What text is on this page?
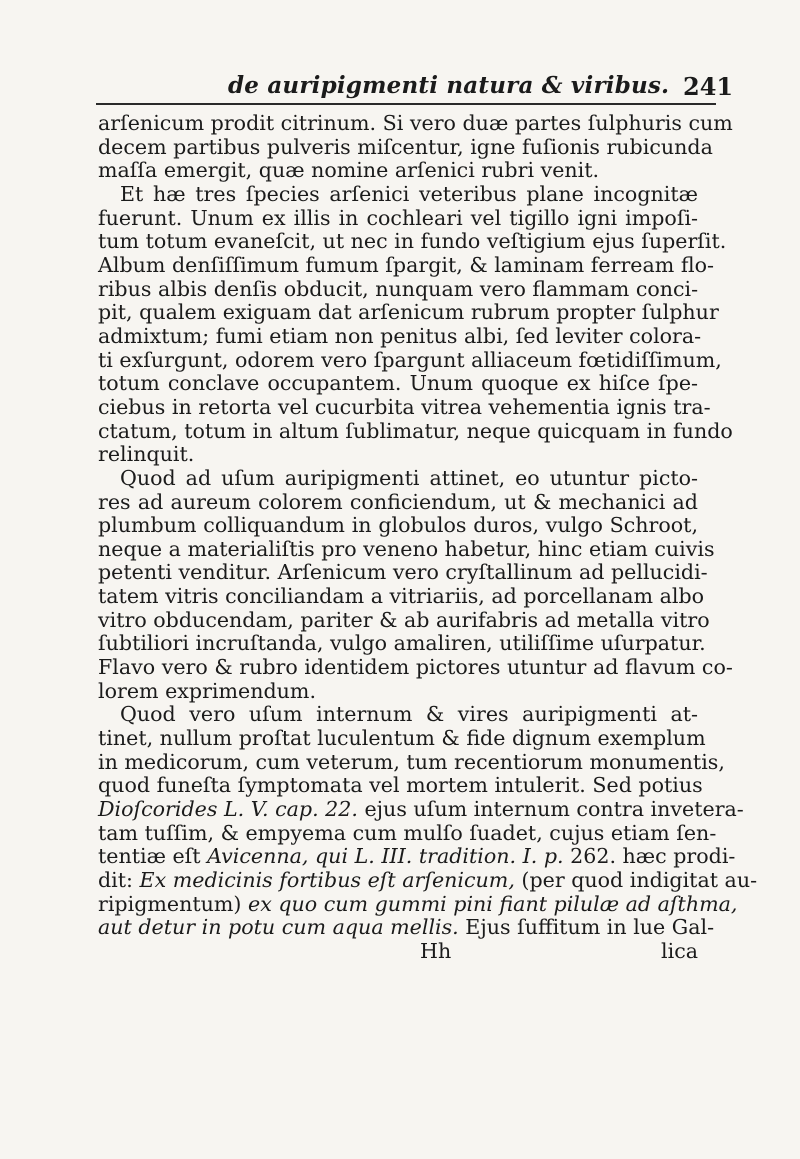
de auripigmenti natura & viribus. 241
arſenicum prodit citrinum. Si vero duæ partes ſulphuris cum
decem partibus pulveris miſcentur, igne fuſionis rubicunda
maſſa emergit, quæ nomine arſenici rubri venit.
Et hæ tres ſpecies arſenici veteribus plane incognitæ
fuerunt. Unum ex illis in cochleari vel tigillo igni impoſi-
tum totum evaneſcit, ut nec in fundo veſtigium ejus ſuperſit.
Album denſiſſimum fumum ſpargit, & laminam ferream flo-
ribus albis denſis obducit, nunquam vero flammam conci-
pit, qualem exiguam dat arſenicum rubrum propter ſulphur
admixtum; fumi etiam non penitus albi, ſed leviter colora-
ti exſurgunt, odorem vero ſpargunt alliaceum fœtidiſſimum,
totum conclave occupantem. Unum quoque ex hiſce ſpe-
ciebus in retorta vel cucurbita vitrea vehementia ignis tra-
ctatum, totum in altum ſublimatur, neque quicquam in fundo
relinquit.
Quod ad uſum auripigmenti attinet, eo utuntur picto-
res ad aureum colorem conficiendum, ut & mechanici ad
plumbum colliquandum in globulos duros, vulgo Schroot,
neque a materialiſtis pro veneno habetur, hinc etiam cuivis
petenti venditur. Arſenicum vero cryſtallinum ad pellucidi-
tatem vitris conciliandam a vitriariis, ad porcellanam albo
vitro obducendam, pariter & ab aurifabris ad metalla vitro
ſubtiliori incruſtanda, vulgo amaliren, utiliſſime uſurpatur.
Flavo vero & rubro identidem pictores utuntur ad flavum co-
lorem exprimendum.
Quod vero uſum internum & vires auripigmenti at-
tinet, nullum proſtat luculentum & fide dignum exemplum
in medicorum, cum veterum, tum recentiorum monumentis,
quod funeſta ſymptomata vel mortem intulerit. Sed potius
Dioſcorides L. V. cap. 22. ejus uſum internum contra invetera-
tam tuſſim, & empyema cum mulſo ſuadet, cujus etiam ſen-
tentiæ eſt Avicenna, qui L. III. tradition. I. p. 262. hæc prodi-
dit: Ex medicinis fortibus eſt arſenicum, (per quod indigitat au-
ripigmentum) ex quo cum gummi pini fiant pilulæ ad aſthma,
aut detur in potu cum aqua mellis. Ejus ſuffitum in lue Gal-
Hh	lica
